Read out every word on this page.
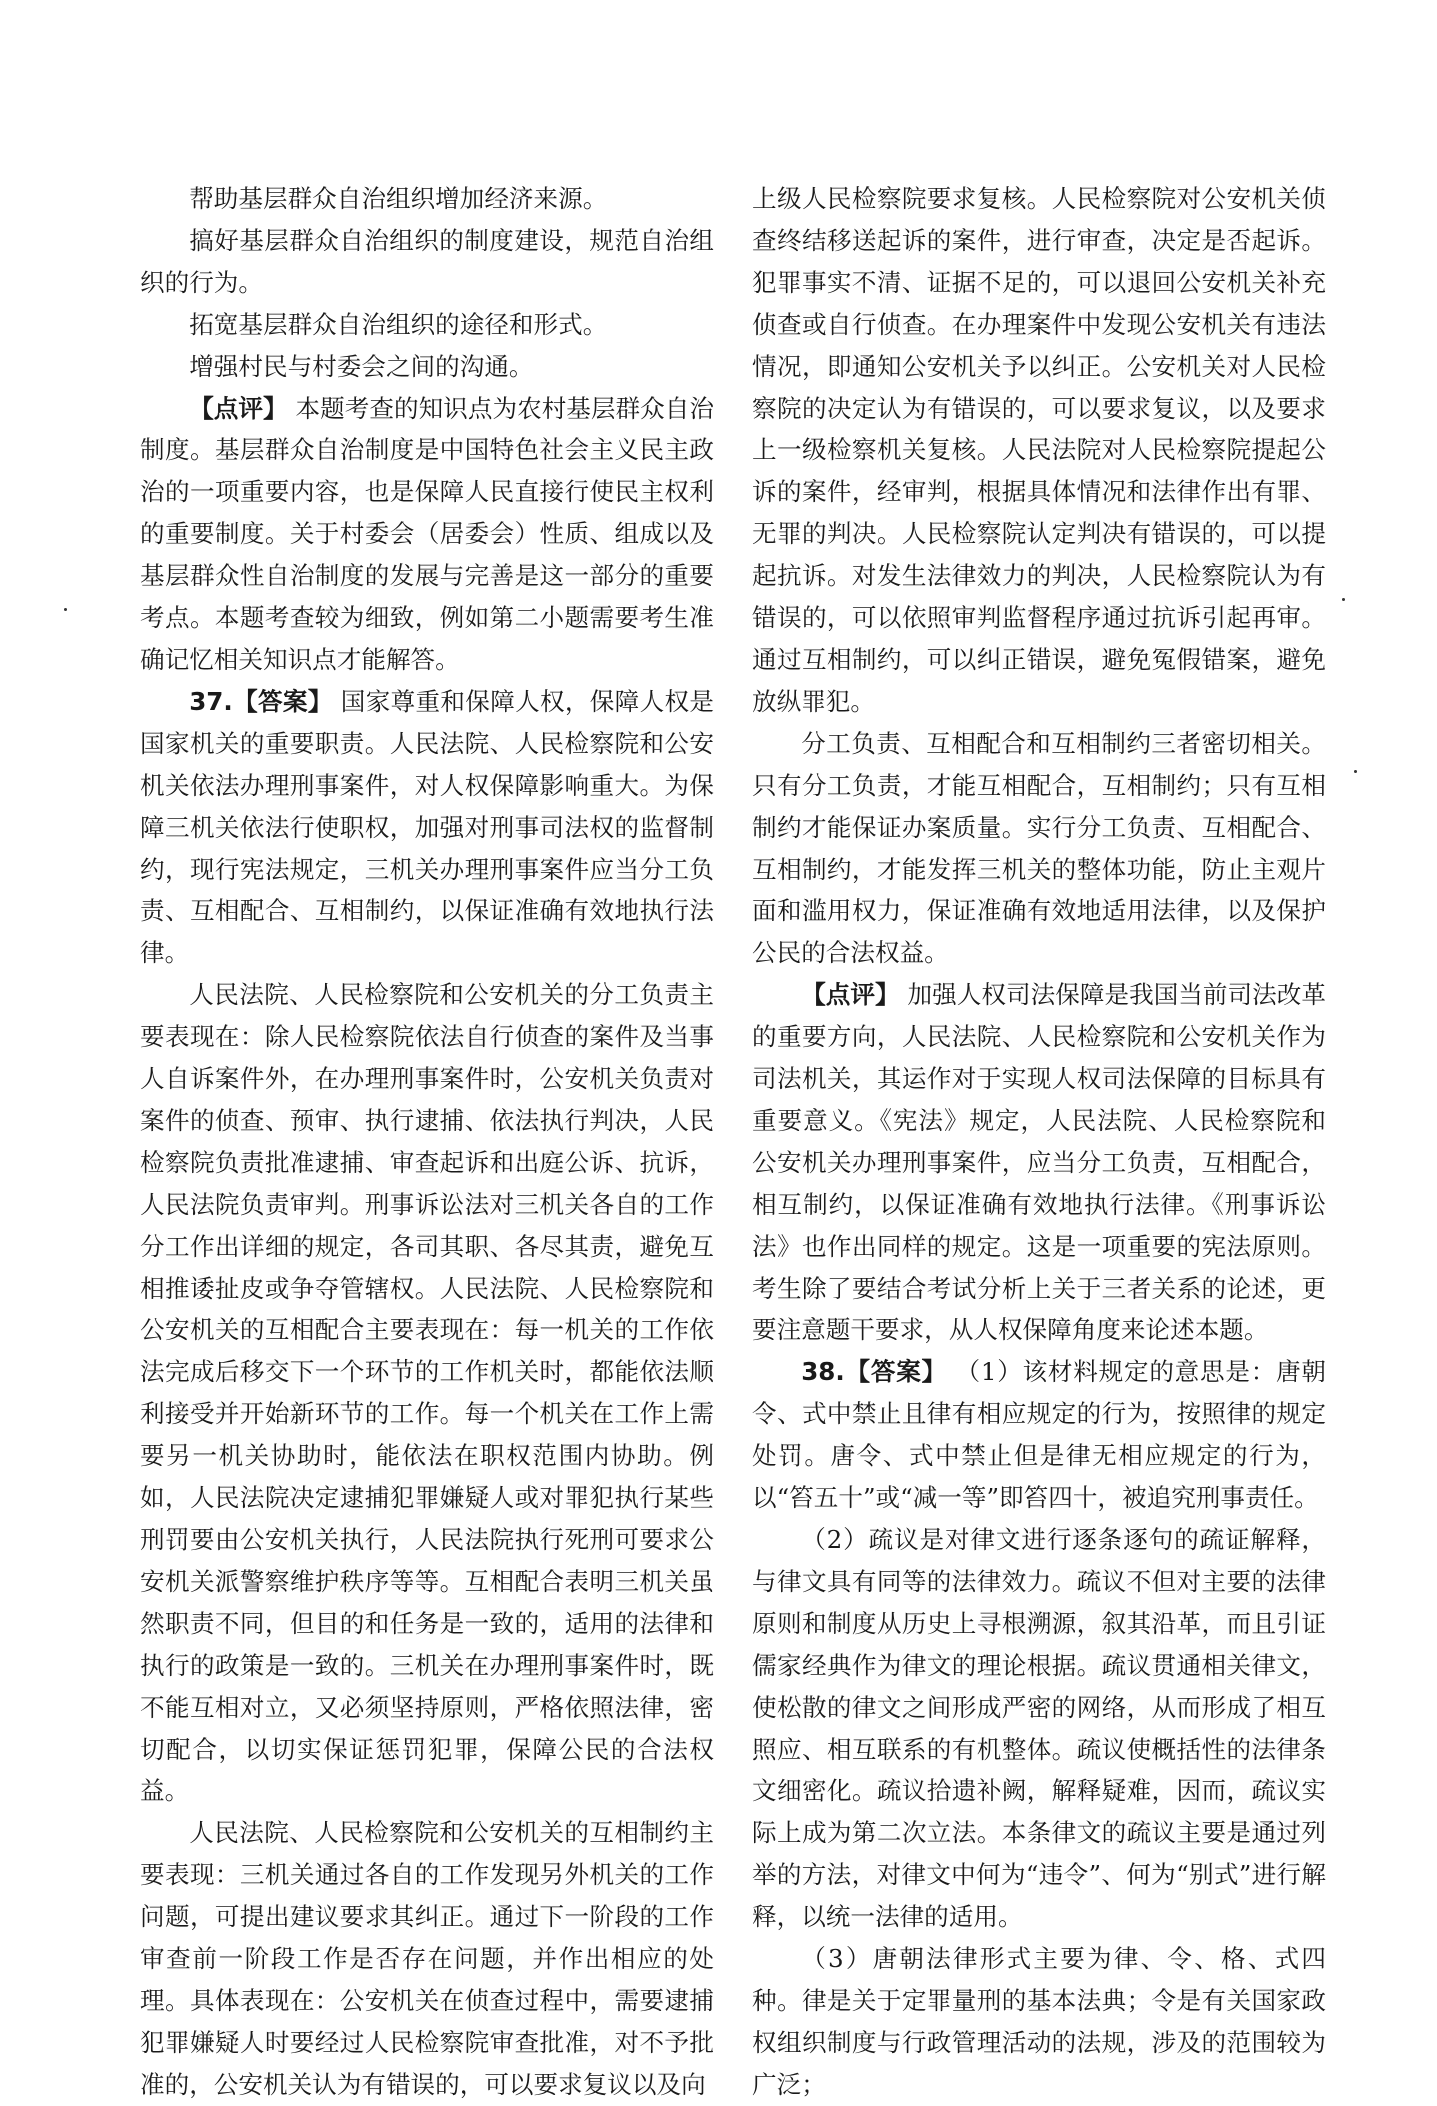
帮助基层群众自治组织增加经济来源。

搞好基层群众自治组织的制度建设，规范自治组织的行为。

拓宽基层群众自治组织的途径和形式。

增强村民与村委会之间的沟通。

【点评】 本题考查的知识点为农村基层群众自治制度。基层群众自治制度是中国特色社会主义民主政治的一项重要内容，也是保障人民直接行使民主权利的重要制度。关于村委会（居委会）性质、组成以及基层群众性自治制度的发展与完善是这一部分的重要考点。本题考查较为细致，例如第二小题需要考生准确记忆相关知识点才能解答。

37.【答案】 国家尊重和保障人权，保障人权是国家机关的重要职责。人民法院、人民检察院和公安机关依法办理刑事案件，对人权保障影响重大。为保障三机关依法行使职权，加强对刑事司法权的监督制约，现行宪法规定，三机关办理刑事案件应当分工负责、互相配合、互相制约，以保证准确有效地执行法律。

人民法院、人民检察院和公安机关的分工负责主要表现在：除人民检察院依法自行侦查的案件及当事人自诉案件外，在办理刑事案件时，公安机关负责对案件的侦查、预审、执行逮捕、依法执行判决，人民检察院负责批准逮捕、审查起诉和出庭公诉、抗诉，人民法院负责审判。刑事诉讼法对三机关各自的工作分工作出详细的规定，各司其职、各尽其责，避免互相推诿扯皮或争夺管辖权。人民法院、人民检察院和公安机关的互相配合主要表现在：每一机关的工作依法完成后移交下一个环节的工作机关时，都能依法顺利接受并开始新环节的工作。每一个机关在工作上需要另一机关协助时，能依法在职权范围内协助。例如，人民法院决定逮捕犯罪嫌疑人或对罪犯执行某些刑罚要由公安机关执行，人民法院执行死刑可要求公安机关派警察维护秩序等等。互相配合表明三机关虽然职责不同，但目的和任务是一致的，适用的法律和执行的政策是一致的。三机关在办理刑事案件时，既不能互相对立，又必须坚持原则，严格依照法律，密切配合，以切实保证惩罚犯罪，保障公民的合法权益。

人民法院、人民检察院和公安机关的互相制约主要表现：三机关通过各自的工作发现另外机关的工作问题，可提出建议要求其纠正。通过下一阶段的工作审查前一阶段工作是否存在问题，并作出相应的处理。具体表现在：公安机关在侦查过程中，需要逮捕犯罪嫌疑人时要经过人民检察院审查批准，对不予批准的，公安机关认为有错误的，可以要求复议以及向

上级人民检察院要求复核。人民检察院对公安机关侦查终结移送起诉的案件，进行审查，决定是否起诉。犯罪事实不清、证据不足的，可以退回公安机关补充侦查或自行侦查。在办理案件中发现公安机关有违法情况，即通知公安机关予以纠正。公安机关对人民检察院的决定认为有错误的，可以要求复议，以及要求上一级检察机关复核。人民法院对人民检察院提起公诉的案件，经审判，根据具体情况和法律作出有罪、无罪的判决。人民检察院认定判决有错误的，可以提起抗诉。对发生法律效力的判决，人民检察院认为有错误的，可以依照审判监督程序通过抗诉引起再审。通过互相制约，可以纠正错误，避免冤假错案，避免放纵罪犯。

分工负责、互相配合和互相制约三者密切相关。只有分工负责，才能互相配合，互相制约；只有互相制约才能保证办案质量。实行分工负责、互相配合、互相制约，才能发挥三机关的整体功能，防止主观片面和滥用权力，保证准确有效地适用法律，以及保护公民的合法权益。

【点评】 加强人权司法保障是我国当前司法改革的重要方向，人民法院、人民检察院和公安机关作为司法机关，其运作对于实现人权司法保障的目标具有重要意义。《宪法》规定，人民法院、人民检察院和公安机关办理刑事案件，应当分工负责，互相配合，相互制约，以保证准确有效地执行法律。《刑事诉讼法》也作出同样的规定。这是一项重要的宪法原则。考生除了要结合考试分析上关于三者关系的论述，更要注意题干要求，从人权保障角度来论述本题。

38.【答案】 （1）该材料规定的意思是：唐朝令、式中禁止且律有相应规定的行为，按照律的规定处罚。唐令、式中禁止但是律无相应规定的行为，以“笞五十”或“减一等”即笞四十，被追究刑事责任。

（2）疏议是对律文进行逐条逐句的疏证解释，与律文具有同等的法律效力。疏议不但对主要的法律原则和制度从历史上寻根溯源，叙其沿革，而且引证儒家经典作为律文的理论根据。疏议贯通相关律文，使松散的律文之间形成严密的网络，从而形成了相互照应、相互联系的有机整体。疏议使概括性的法律条文细密化。疏议拾遗补阙，解释疑难，因而，疏议实际上成为第二次立法。本条律文的疏议主要是通过列举的方法，对律文中何为“违令”、何为“别式”进行解释，以统一法律的适用。

（3）唐朝法律形式主要为律、令、格、式四种。律是关于定罪量刑的基本法典；令是有关国家政权组织制度与行政管理活动的法规，涉及的范围较为广泛；
